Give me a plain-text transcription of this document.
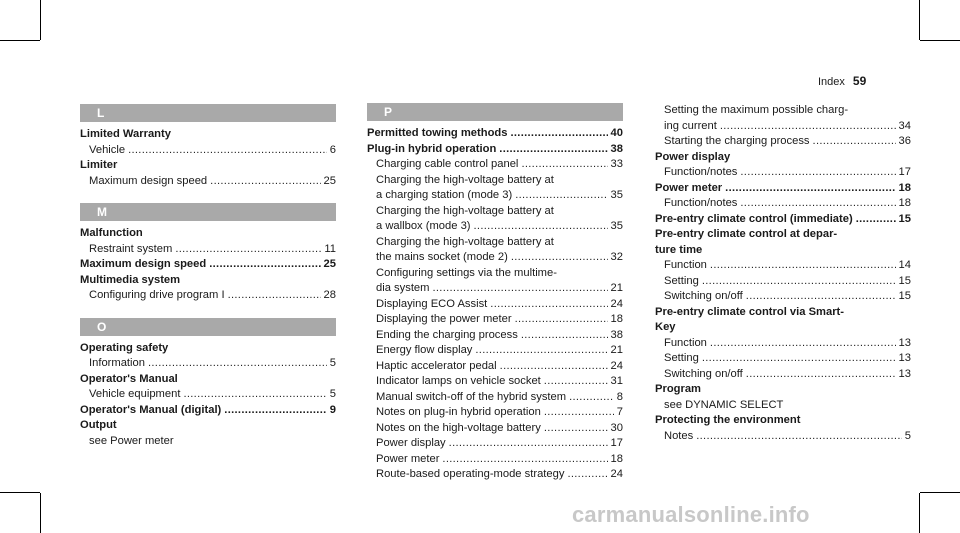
Index 59
L
Limited Warranty
Vehicle .....	6
Limiter
Maximum design speed .....	25
M
Malfunction
Restraint system .....	11
Maximum design speed .....	25
Multimedia system
Configuring drive program I .....	28
O
Operating safety
Information .....	5
Operator's Manual
Vehicle equipment .....	5
Operator's Manual (digital) .....	9
Output
see Power meter
P
Permitted towing methods .....	40
Plug-in hybrid operation .....	38
Charging cable control panel .....	33
Charging the high-voltage battery at
a charging station (mode 3) .....	35
Charging the high-voltage battery at
a wallbox (mode 3) .....	35
Charging the high-voltage battery at
the mains socket (mode 2) .....	32
Configuring settings via the multime-
dia system .....	21
Displaying ECO Assist .....	24
Displaying the power meter .....	18
Ending the charging process .....	38
Energy flow display .....	21
Haptic accelerator pedal .....	24
Indicator lamps on vehicle socket .....	31
Manual switch-off of the hybrid system .....	8
Notes on plug-in hybrid operation .....	7
Notes on the high-voltage battery .....	30
Power display .....	17
Power meter .....	18
Route-based operating-mode strategy .....	24
Setting the maximum possible charg-
ing current .....	34
Starting the charging process .....	36
Power display
Function/notes .....	17
Power meter .....	18
Function/notes .....	18
Pre-entry climate control (immediate) .....	15
Pre-entry climate control at depar-
ture time
Function .....	14
Setting .....	15
Switching on/off .....	15
Pre-entry climate control via Smart-
Key
Function .....	13
Setting .....	13
Switching on/off .....	13
Program
see DYNAMIC SELECT
Protecting the environment
Notes .....	5
carmanualsonline.info
